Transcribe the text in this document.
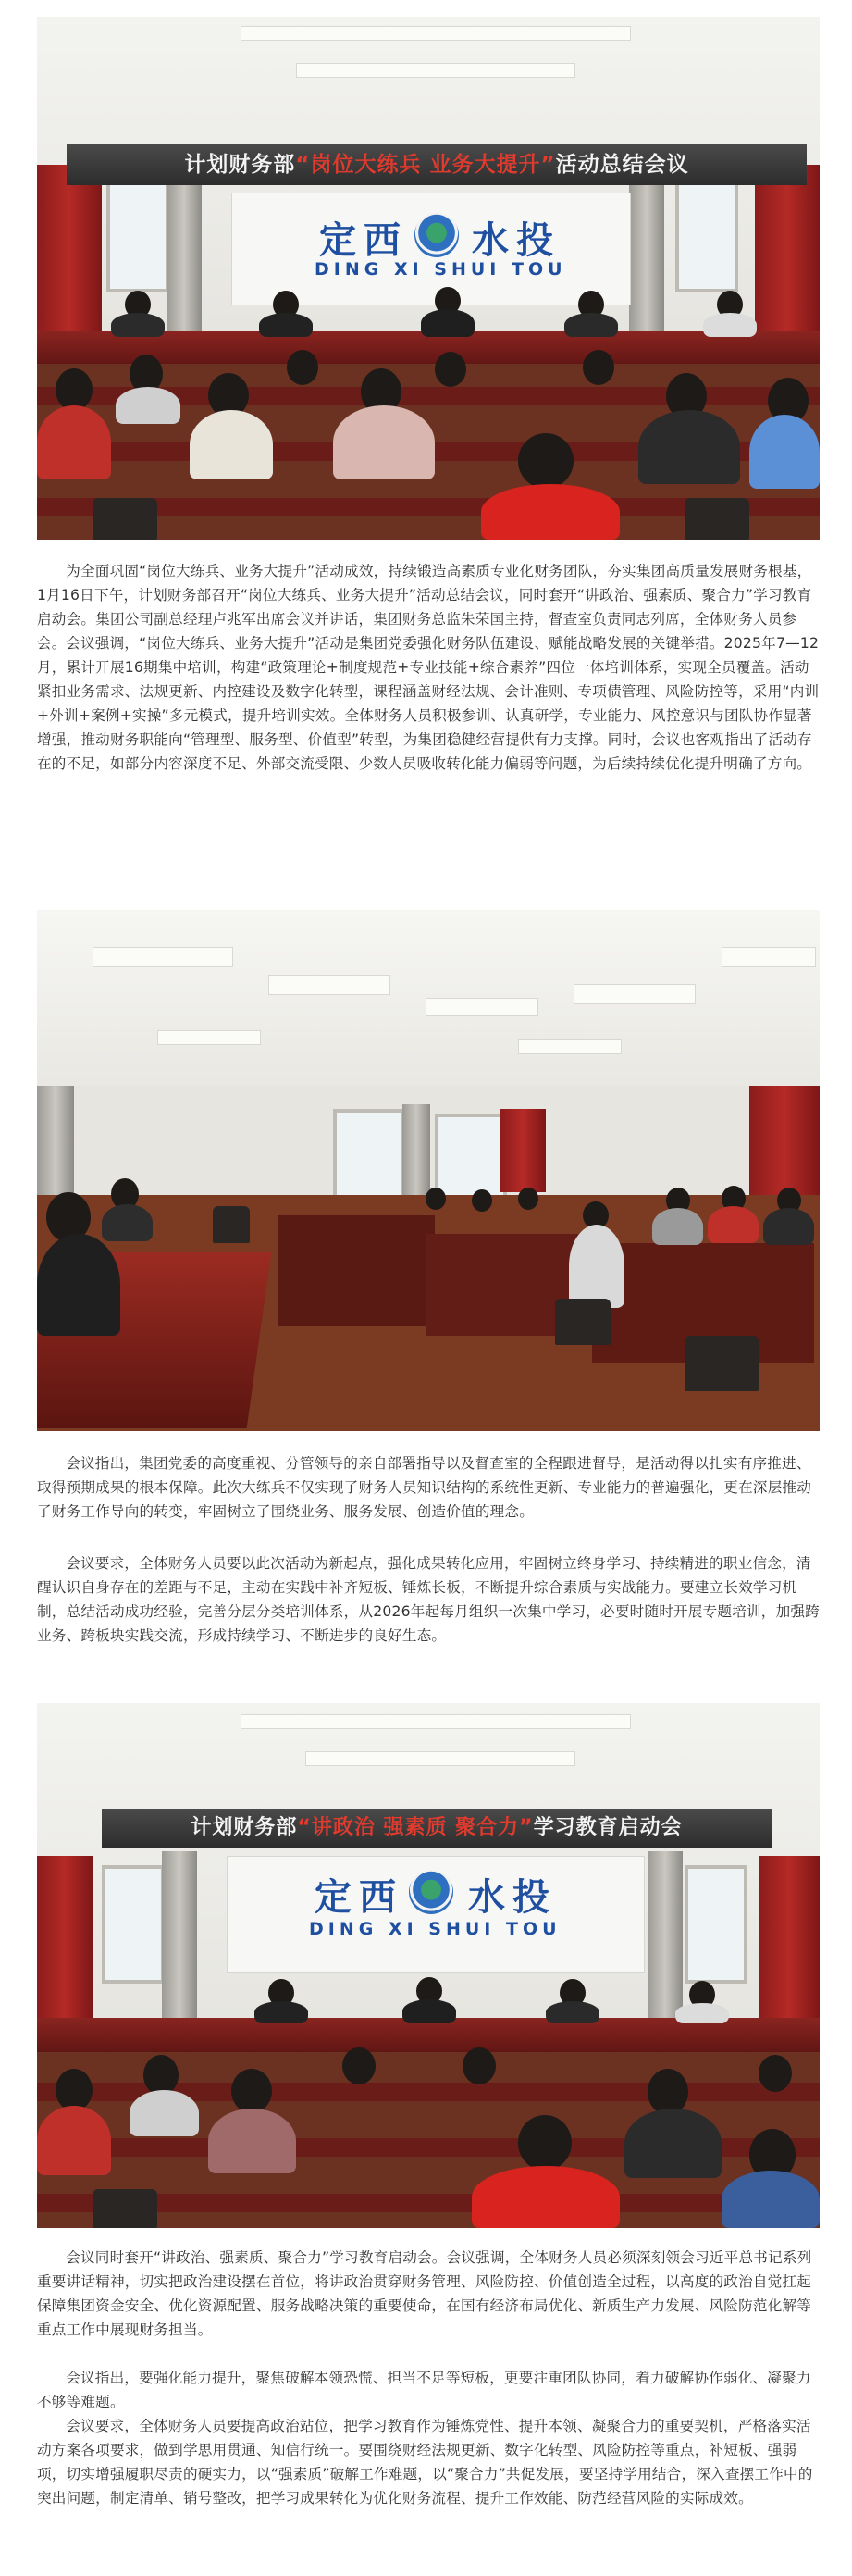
计划财务部“岗位大练兵 业务大提升”活动总结会议
定西 水投
DING XI SHUI TOU

为全面巩固“岗位大练兵、业务大提升”活动成效，持续锻造高素质专业化财务团队，夯实集团高质量发展财务根基，1月16日下午，计划财务部召开“岗位大练兵、业务大提升”活动总结会议，同时套开“讲政治、强素质、聚合力”学习教育启动会。集团公司副总经理卢兆军出席会议并讲话，集团财务总监朱荣国主持，督查室负责同志列席，全体财务人员参会。 会议强调，“岗位大练兵、业务大提升”活动是集团党委强化财务队伍建设、赋能战略发展的关键举措。2025年7—12月，累计开展16期集中培训，构建“政策理论+制度规范+专业技能+综合素养”四位一体培训体系，实现全员覆盖。活动紧扣业务需求、法规更新、内控建设及数字化转型，课程涵盖财经法规、会计准则、专项债管理、风险防控等，采用“内训+外训+案例+实操”多元模式，提升培训实效。全体财务人员积极参训、认真研学，专业能力、风控意识与团队协作显著增强，推动财务职能向“管理型、服务型、价值型”转型，为集团稳健经营提供有力支撑。同时，会议也客观指出了活动存在的不足，如部分内容深度不足、外部交流受限、少数人员吸收转化能力偏弱等问题，为后续持续优化提升明确了方向。

会议指出，集团党委的高度重视、分管领导的亲自部署指导以及督查室的全程跟进督导，是活动得以扎实有序推进、取得预期成果的根本保障。此次大练兵不仅实现了财务人员知识结构的系统性更新、专业能力的普遍强化，更在深层推动了财务工作导向的转变，牢固树立了围绕业务、服务发展、创造价值的理念。

会议要求，全体财务人员要以此次活动为新起点，强化成果转化应用，牢固树立终身学习、持续精进的职业信念，清醒认识自身存在的差距与不足，主动在实践中补齐短板、锤炼长板，不断提升综合素质与实战能力。要建立长效学习机制，总结活动成功经验，完善分层分类培训体系，从2026年起每月组织一次集中学习，必要时随时开展专题培训，加强跨业务、跨板块实践交流，形成持续学习、不断进步的良好生态。

计划财务部“讲政治 强素质 聚合力”学习教育启动会
定西 水投
DING XI SHUI TOU

会议同时套开“讲政治、强素质、聚合力”学习教育启动会。会议强调，全体财务人员必须深刻领会习近平总书记系列重要讲话精神，切实把政治建设摆在首位，将讲政治贯穿财务管理、风险防控、价值创造全过程，以高度的政治自觉扛起保障集团资金安全、优化资源配置、服务战略决策的重要使命，在国有经济布局优化、新质生产力发展、风险防范化解等重点工作中展现财务担当。

会议指出，要强化能力提升，聚焦破解本领恐慌、担当不足等短板，更要注重团队协同，着力破解协作弱化、凝聚力不够等难题。

会议要求，全体财务人员要提高政治站位，把学习教育作为锤炼党性、提升本领、凝聚合力的重要契机，严格落实活动方案各项要求，做到学思用贯通、知信行统一。要围绕财经法规更新、数字化转型、风险防控等重点，补短板、强弱项，切实增强履职尽责的硬实力，以“强素质”破解工作难题，以“聚合力”共促发展，要坚持学用结合，深入查摆工作中的突出问题，制定清单、销号整改，把学习成果转化为优化财务流程、提升工作效能、防范经营风险的实际成效。
